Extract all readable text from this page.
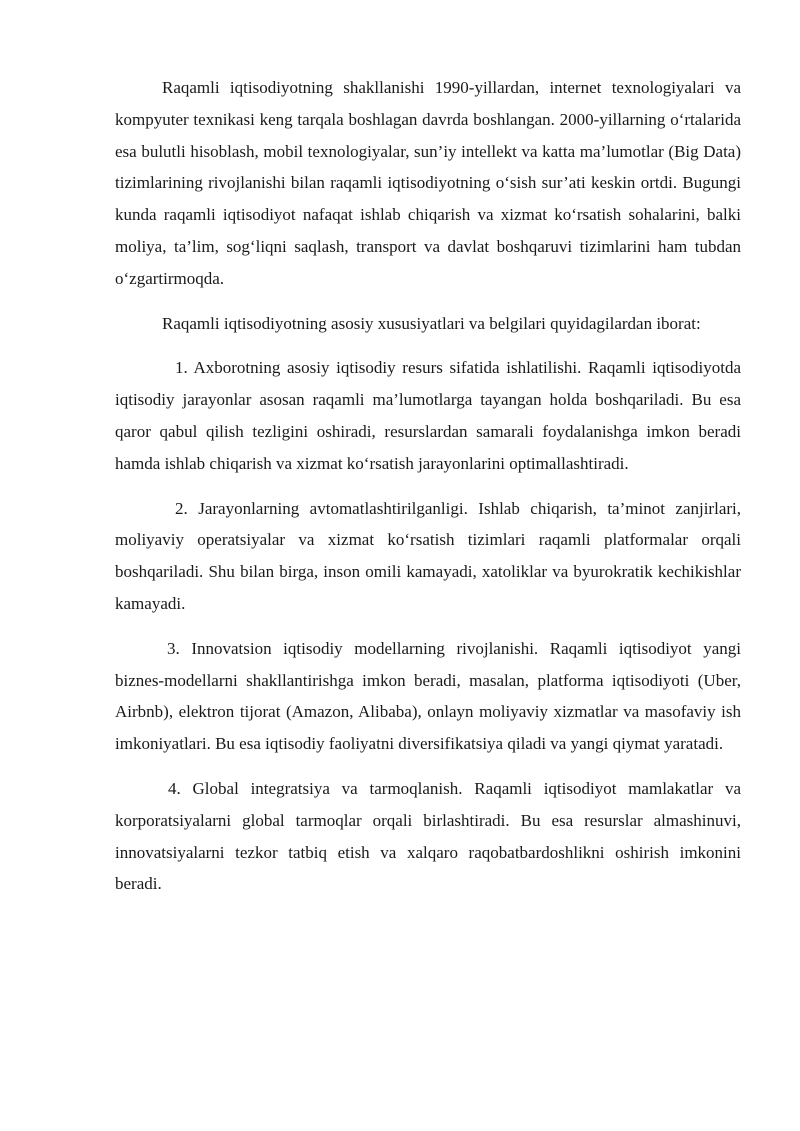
Raqamli iqtisodiyotning shakllanishi 1990-yillardan, internet texnologiyalari va kompyuter texnikasi keng tarqala boshlagan davrda boshlangan. 2000-yillarning o‘rtalarida esa bulutli hisoblash, mobil texnologiyalar, sun’iy intellekt va katta ma’lumotlar (Big Data) tizimlarining rivojlanishi bilan raqamli iqtisodiyotning o‘sish sur’ati keskin ortdi. Bugungi kunda raqamli iqtisodiyot nafaqat ishlab chiqarish va xizmat ko‘rsatish sohalarini, balki moliya, ta’lim, sog‘liqni saqlash, transport va davlat boshqaruvi tizimlarini ham tubdan o‘zgartirmoqda.

Raqamli iqtisodiyotning asosiy xususiyatlari va belgilari quyidagilardan iborat:

1. Axborotning asosiy iqtisodiy resurs sifatida ishlatilishi. Raqamli iqtisodiyotda iqtisodiy jarayonlar asosan raqamli ma’lumotlarga tayangan holda boshqariladi. Bu esa qaror qabul qilish tezligini oshiradi, resurslardan samarali foydalanishga imkon beradi hamda ishlab chiqarish va xizmat ko‘rsatish jarayonlarini optimallashtiradi.

2. Jarayonlarning avtomatlashtirilganligi. Ishlab chiqarish, ta’minot zanjirlari, moliyaviy operatsiyalar va xizmat ko‘rsatish tizimlari raqamli platformalar orqali boshqariladi. Shu bilan birga, inson omili kamayadi, xatoliklar va byurokratik kechikishlar kamayadi.

3. Innovatsion iqtisodiy modellarning rivojlanishi. Raqamli iqtisodiyot yangi biznes-modellarni shakllantirishga imkon beradi, masalan, platforma iqtisodiyoti (Uber, Airbnb), elektron tijorat (Amazon, Alibaba), onlayn moliyaviy xizmatlar va masofaviy ish imkoniyatlari. Bu esa iqtisodiy faoliyatni diversifikatsiya qiladi va yangi qiymat yaratadi.

4. Global integratsiya va tarmoqlanish. Raqamli iqtisodiyot mamlakatlar va korporatsiyalarni global tarmoqlar orqali birlashtiradi. Bu esa resurslar almashinuvi, innovatsiyalarni tezkor tatbiq etish va xalqaro raqobatbardoshlikni oshirish imkonini beradi.
